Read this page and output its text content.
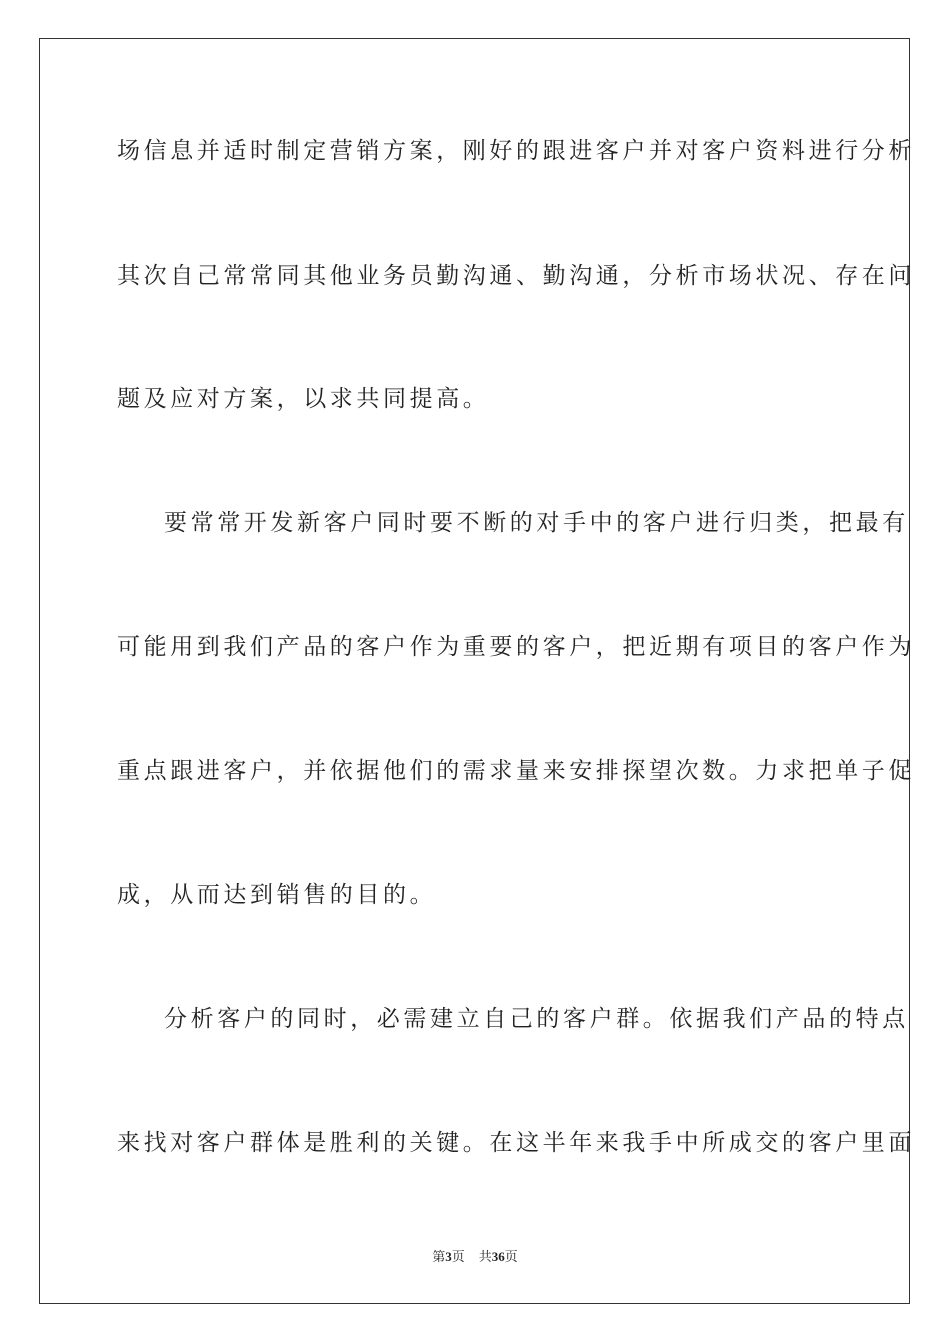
场信息并适时制定营销方案，刚好的跟进客户并对客户资料进行分析
其次自己常常同其他业务员勤沟通、勤沟通，分析市场状况、存在问
题及应对方案，以求共同提高。
要常常开发新客户同时要不断的对手中的客户进行归类，把最有
可能用到我们产品的客户作为重要的客户，把近期有项目的客户作为
重点跟进客户，并依据他们的需求量来安排探望次数。力求把单子促
成，从而达到销售的目的。
分析客户的同时，必需建立自己的客户群。依据我们产品的特点
来找对客户群体是胜利的关键。在这半年来我手中所成交的客户里面
第3页 共36页
